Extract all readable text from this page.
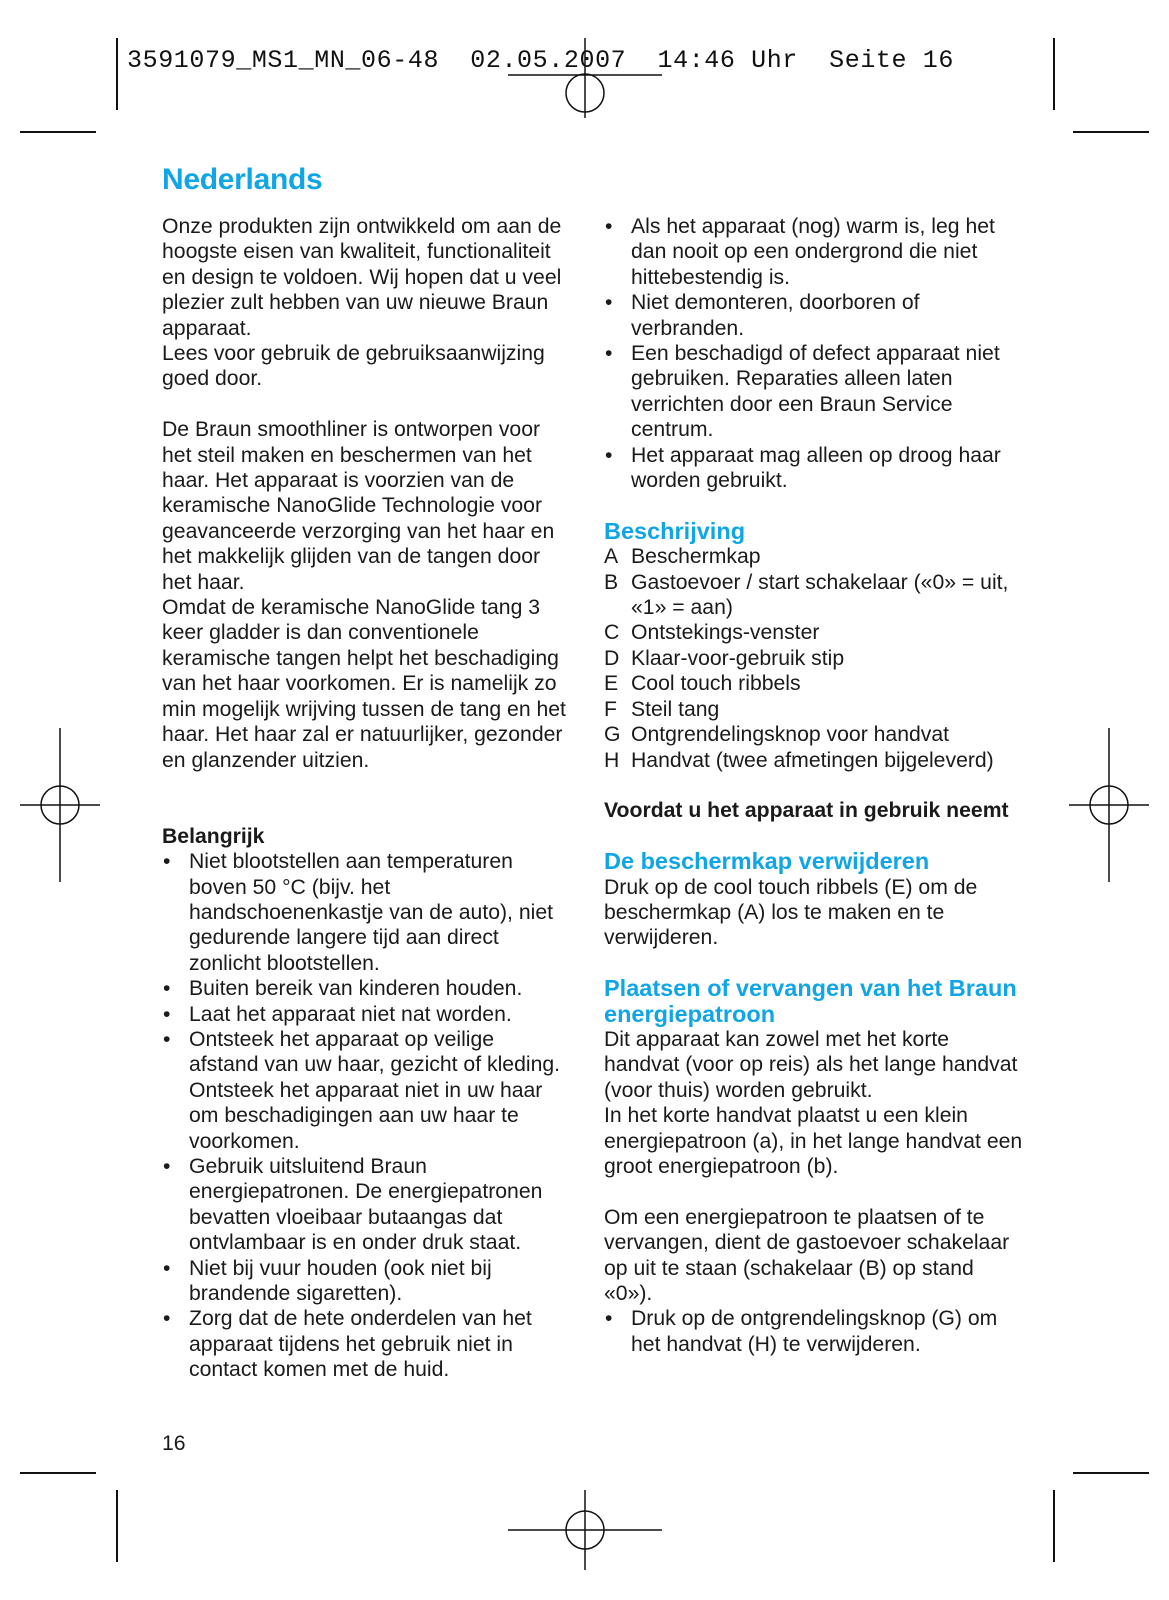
3591079_MS1_MN_06-48  02.05.2007  14:46 Uhr  Seite 16
Nederlands

Onze produkten zijn ontwikkeld om aan de hoogste eisen van kwaliteit, functionaliteit en design te voldoen. Wij hopen dat u veel plezier zult hebben van uw nieuwe Braun apparaat.

Lees voor gebruik de gebruiksaanwijzing goed door.

De Braun smoothliner is ontworpen voor het steil maken en beschermen van het haar. Het apparaat is voorzien van de keramische NanoGlide Technologie voor geavanceerde verzorging van het haar en het makkelijk glijden van de tangen door het haar.

Omdat de keramische NanoGlide tang 3 keer gladder is dan conventionele keramische tangen helpt het beschadiging van het haar voorkomen. Er is namelijk zo min mogelijk wrijving tussen de tang en het haar. Het haar zal er natuurlijker, gezonder en glanzender uitzien.

Belangrijk

• Niet blootstellen aan temperaturen boven 50 °C (bijv. het handschoenenkastje van de auto), niet gedurende langere tijd aan direct zonlicht blootstellen.
• Buiten bereik van kinderen houden.
• Laat het apparaat niet nat worden.
• Ontsteek het apparaat op veilige afstand van uw haar, gezicht of kleding. Ontsteek het apparaat niet in uw haar om beschadigingen aan uw haar te voorkomen.
• Gebruik uitsluitend Braun energiepatronen. De energiepatronen bevatten vloeibaar butaangas dat ontvlambaar is en onder druk staat.
• Niet bij vuur houden (ook niet bij brandende sigaretten).
• Zorg dat de hete onderdelen van het apparaat tijdens het gebruik niet in contact komen met de huid.
• Als het apparaat (nog) warm is, leg het dan nooit op een ondergrond die niet hittebestendig is.
• Niet demonteren, doorboren of verbranden.
• Een beschadigd of defect apparaat niet gebruiken. Reparaties alleen laten verrichten door een Braun Service centrum.
• Het apparaat mag alleen op droog haar worden gebruikt.
Beschrijving
A Beschermkap
B Gastoevoer / start schakelaar («0» = uit, «1» = aan)
C Ontstekings-venster
D Klaar-voor-gebruik stip
E Cool touch ribbels
F Steil tang
G Ontgrendelingsknop voor handvat
H Handvat (twee afmetingen bijgeleverd)

Voordat u het apparaat in gebruik neemt

De beschermkap verwijderen

Druk op de cool touch ribbels (E) om de beschermkap (A) los te maken en te verwijderen.

Plaatsen of vervangen van het Braun energiepatroon

Dit apparaat kan zowel met het korte handvat (voor op reis) als het lange handvat (voor thuis) worden gebruikt.

In het korte handvat plaatst u een klein energiepatroon (a), in het lange handvat een groot energiepatroon (b).

Om een energiepatroon te plaatsen of te vervangen, dient de gastoevoer schakelaar op uit te staan (schakelaar (B) op stand «0»).

• Druk op de ontgrendelingsknop (G) om het handvat (H) te verwijderen.
16
